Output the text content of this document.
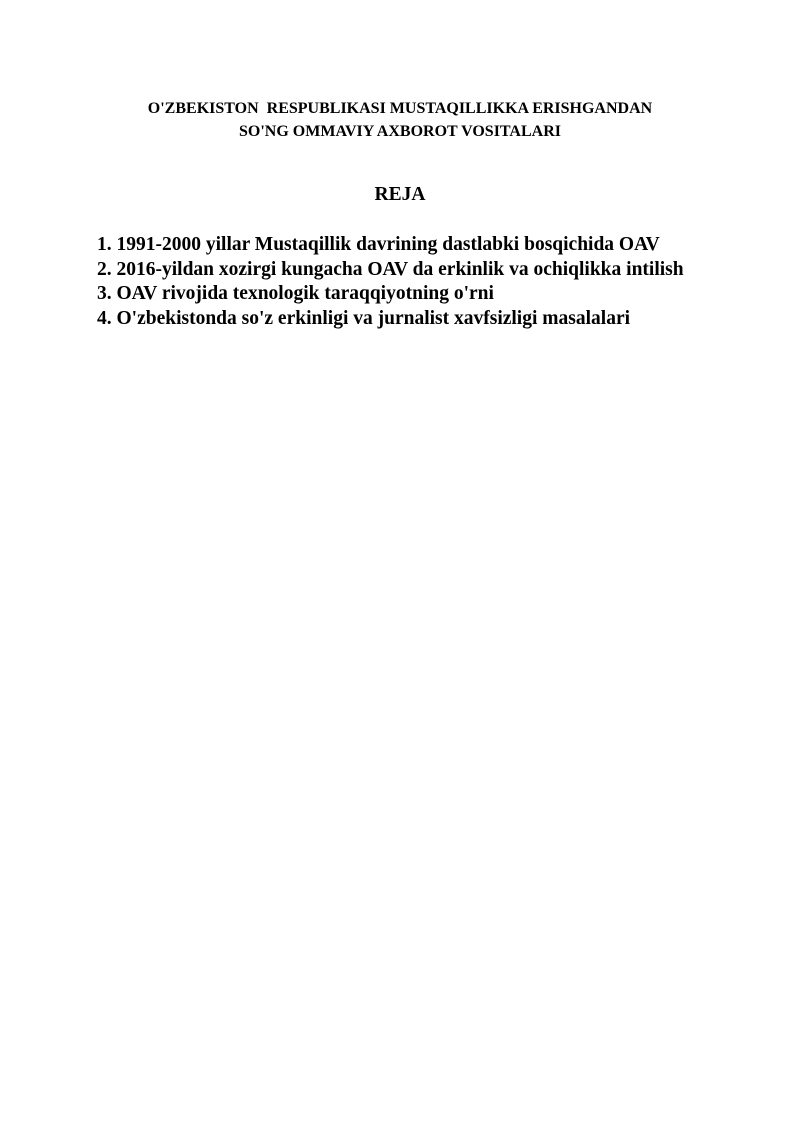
O'ZBEKISTON  RESPUBLIKASI MUSTAQILLIKKA ERISHGANDAN
SO'NG OMMAVIY AXBOROT VOSITALARI
REJA
1. 1991-2000 yillar Mustaqillik davrining dastlabki bosqichida OAV
2. 2016-yildan xozirgi kungacha OAV da erkinlik va ochiqlikka intilish
3. OAV rivojida texnologik taraqqiyotning o'rni
4. O'zbekistonda so'z erkinligi va jurnalist xavfsizligi masalalari
